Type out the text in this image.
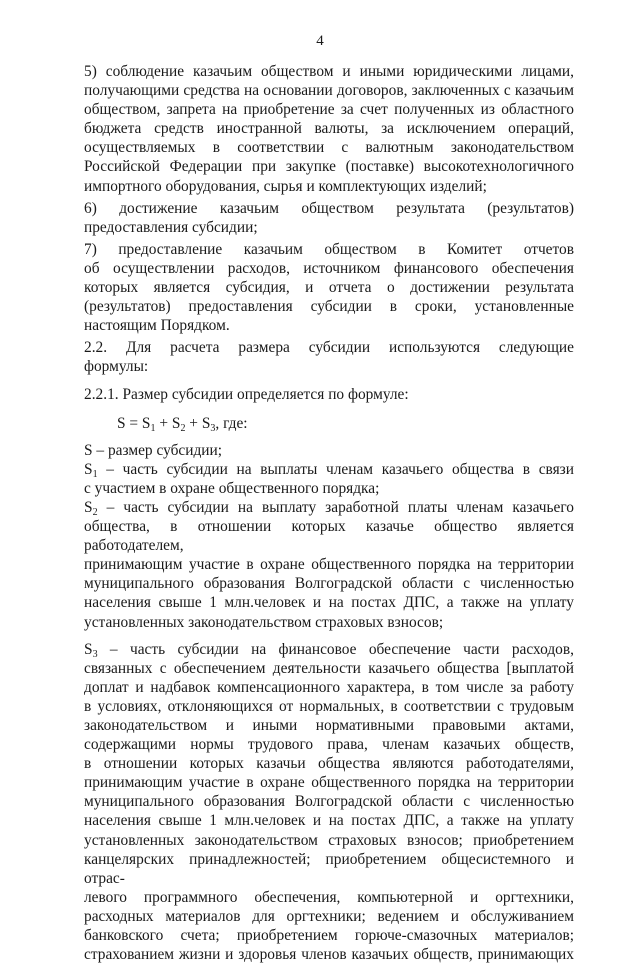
4
5) соблюдение казачьим обществом и иными юридическими лицами,
получающими средства на основании договоров, заключенных с казачьим
обществом, запрета на приобретение за счет полученных из областного
бюджета средств иностранной валюты, за исключением операций,
осуществляемых в соответствии с валютным законодательством
Российской Федерации при закупке (поставке) высокотехнологичного
импортного оборудования, сырья и комплектующих изделий;
6) достижение казачьим обществом результата (результатов)
предоставления субсидии;
7) предоставление казачьим обществом в Комитет отчетов
об осуществлении расходов, источником финансового обеспечения
которых является субсидия, и отчета о достижении результата
(результатов) предоставления субсидии в сроки, установленные
настоящим Порядком.
2.2. Для расчета размера субсидии используются следующие
формулы:
2.2.1. Размер субсидии определяется по формуле:
$S = S_1 + S_2 + S_3$, где:
S – размер субсидии;
$S_1$ – часть субсидии на выплаты членам казачьего общества в связи
с участием в охране общественного порядка;
$S_2$ – часть субсидии на выплату заработной платы членам казачьего
общества, в отношении которых казачье общество является работодателем,
принимающим участие в охране общественного порядка на территории
муниципального образования Волгоградской области с численностью
населения свыше 1 млн.человек и на постах ДПС, а также на уплату
установленных законодательством страховых взносов;
$S_3$ – часть субсидии на финансовое обеспечение части расходов,
связанных с обеспечением деятельности казачьего общества [выплатой
доплат и надбавок компенсационного характера, в том числе за работу
в условиях, отклоняющихся от нормальных, в соответствии с трудовым
законодательством и иными нормативными правовыми актами,
содержащими нормы трудового права, членам казачьих обществ,
в отношении которых казачьи общества являются работодателями,
принимающим участие в охране общественного порядка на территории
муниципального образования Волгоградской области с численностью
населения свыше 1 млн.человек и на постах ДПС, а также на уплату
установленных законодательством страховых взносов; приобретением
канцелярских принадлежностей; приобретением общесистемного и отрас-
левого программного обеспечения, компьютерной и оргтехники,
расходных материалов для оргтехники; ведением и обслуживанием
банковского счета; приобретением горюче-смазочных материалов;
страхованием жизни и здоровья членов казачьих обществ, принимающих
